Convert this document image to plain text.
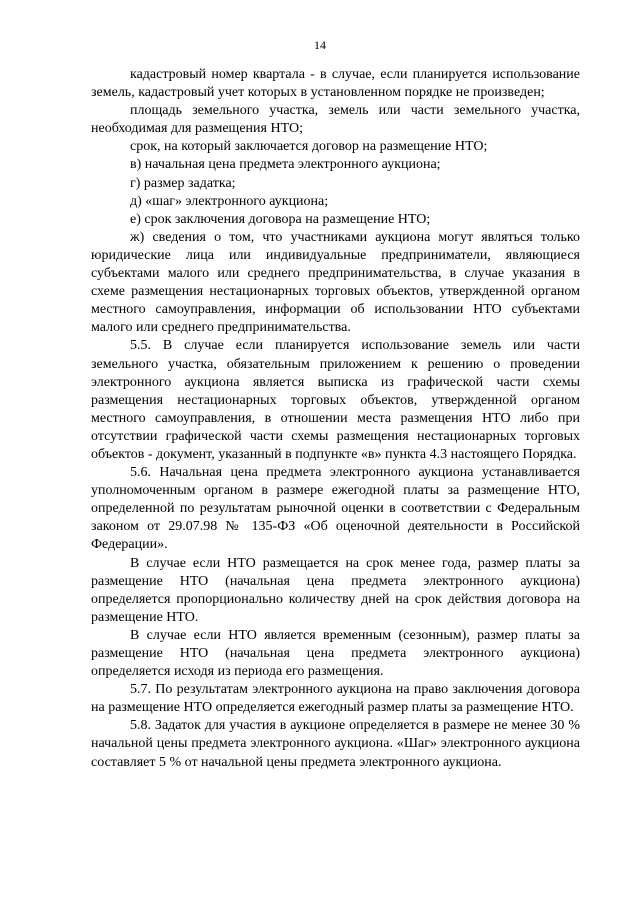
14

кадастровый номер квартала - в случае, если планируется использование земель, кадастровый учет которых в установленном порядке не произведен;

площадь земельного участка, земель или части земельного участка, необходимая для размещения НТО;

срок, на который заключается договор на размещение НТО;

в) начальная цена предмета электронного аукциона;

г) размер задатка;

д) «шаг» электронного аукциона;

е) срок заключения договора на размещение НТО;

ж) сведения о том, что участниками аукциона могут являться только юридические лица или индивидуальные предприниматели, являющиеся субъектами малого или среднего предпринимательства, в случае указания в схеме размещения нестационарных торговых объектов, утвержденной органом местного самоуправления, информации об использовании НТО субъектами малого или среднего предпринимательства.

5.5. В случае если планируется использование земель или части земельного участка, обязательным приложением к решению о проведении электронного аукциона является выписка из графической части схемы размещения нестационарных торговых объектов, утвержденной органом местного самоуправления, в отношении места размещения НТО либо при отсутствии графической части схемы размещения нестационарных торговых объектов - документ, указанный в подпункте «в» пункта 4.3 настоящего Порядка.

5.6. Начальная цена предмета электронного аукциона устанавливается уполномоченным органом в размере ежегодной платы за размещение НТО, определенной по результатам рыночной оценки в соответствии с Федеральным законом от 29.07.98 № 135-ФЗ «Об оценочной деятельности в Российской Федерации».

В случае если НТО размещается на срок менее года, размер платы за размещение НТО (начальная цена предмета электронного аукциона) определяется пропорционально количеству дней на срок действия договора на размещение НТО.

В случае если НТО является временным (сезонным), размер платы за размещение НТО (начальная цена предмета электронного аукциона) определяется исходя из периода его размещения.

5.7. По результатам электронного аукциона на право заключения договора на размещение НТО определяется ежегодный размер платы за размещение НТО.

5.8. Задаток для участия в аукционе определяется в размере не менее 30 % начальной цены предмета электронного аукциона. «Шаг» электронного аукциона составляет 5 % от начальной цены предмета электронного аукциона.
